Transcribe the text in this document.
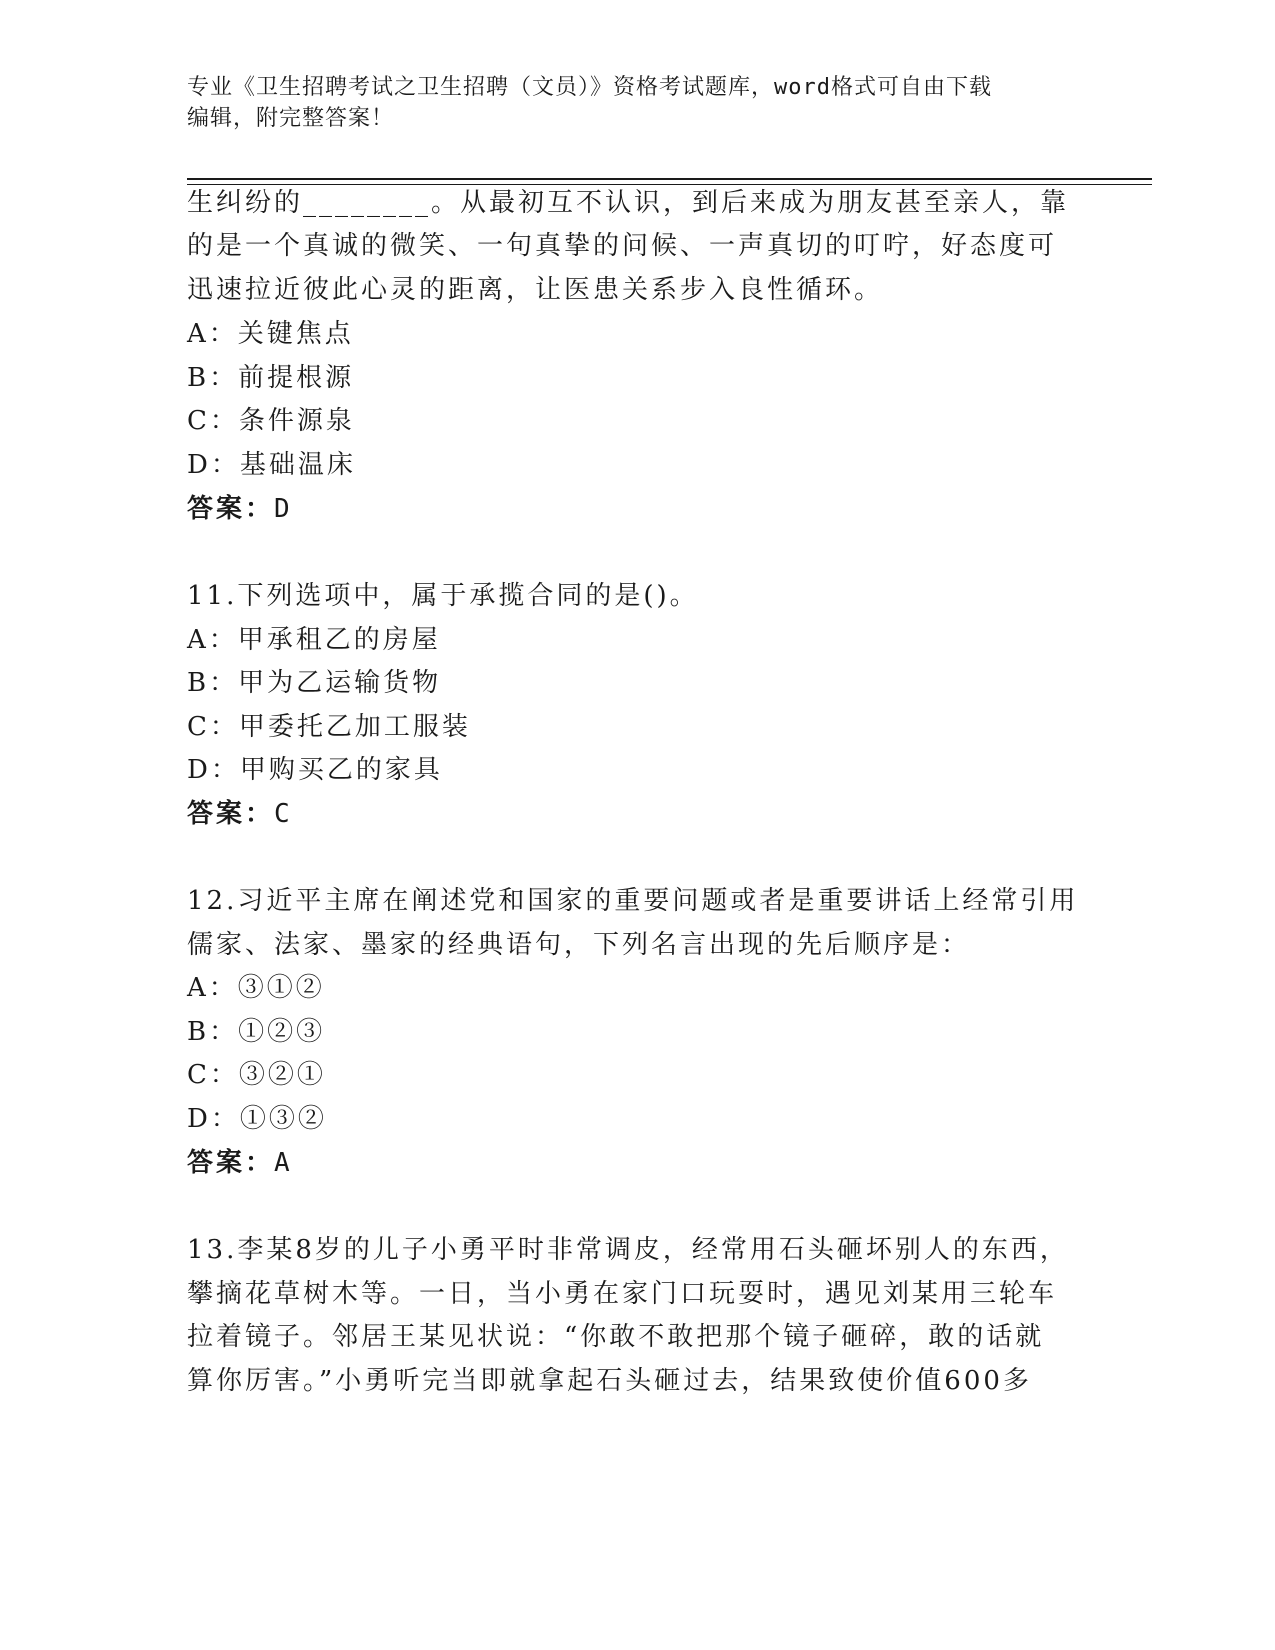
专业《卫生招聘考试之卫生招聘（文员）》资格考试题库，word格式可自由下载
编辑，附完整答案！
生纠纷的________。从最初互不认识，到后来成为朋友甚至亲人，靠
的是一个真诚的微笑、一句真挚的问候、一声真切的叮咛，好态度可
迅速拉近彼此心灵的距离，让医患关系步入良性循环。
A：关键焦点
B：前提根源
C：条件源泉
D：基础温床
答案：D
11.下列选项中，属于承揽合同的是()。
A：甲承租乙的房屋
B：甲为乙运输货物
C：甲委托乙加工服装
D：甲购买乙的家具
答案：C
12.习近平主席在阐述党和国家的重要问题或者是重要讲话上经常引用
儒家、法家、墨家的经典语句，下列名言出现的先后顺序是：
A：③①②
B：①②③
C：③②①
D：①③②
答案：A
13.李某8岁的儿子小勇平时非常调皮，经常用石头砸坏别人的东西，
攀摘花草树木等。一日，当小勇在家门口玩耍时，遇见刘某用三轮车
拉着镜子。邻居王某见状说：“你敢不敢把那个镜子砸碎，敢的话就
算你厉害。”小勇听完当即就拿起石头砸过去，结果致使价值600多
